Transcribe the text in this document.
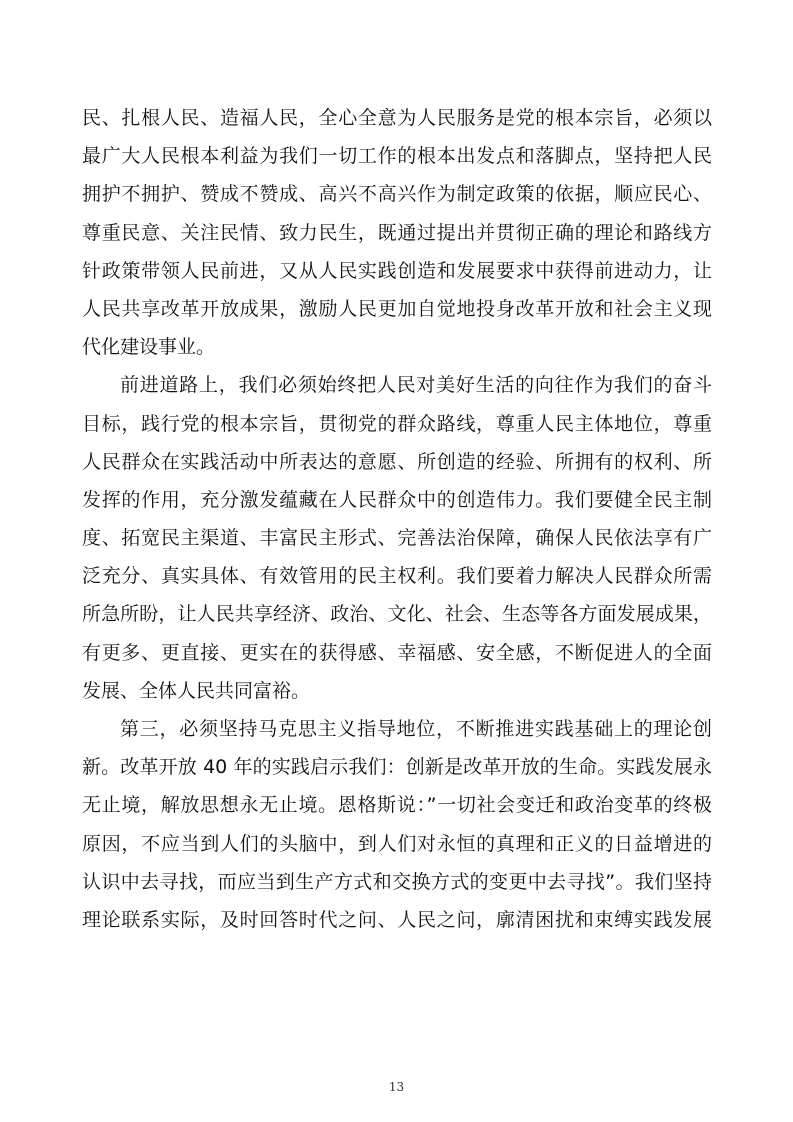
民、扎根人民、造福人民，全心全意为人民服务是党的根本宗旨，必须以
最广大人民根本利益为我们一切工作的根本出发点和落脚点，坚持把人民
拥护不拥护、赞成不赞成、高兴不高兴作为制定政策的依据，顺应民心、
尊重民意、关注民情、致力民生，既通过提出并贯彻正确的理论和路线方
针政策带领人民前进，又从人民实践创造和发展要求中获得前进动力，让
人民共享改革开放成果，激励人民更加自觉地投身改革开放和社会主义现
代化建设事业。
前进道路上，我们必须始终把人民对美好生活的向往作为我们的奋斗
目标，践行党的根本宗旨，贯彻党的群众路线，尊重人民主体地位，尊重
人民群众在实践活动中所表达的意愿、所创造的经验、所拥有的权利、所
发挥的作用，充分激发蕴藏在人民群众中的创造伟力。我们要健全民主制
度、拓宽民主渠道、丰富民主形式、完善法治保障，确保人民依法享有广
泛充分、真实具体、有效管用的民主权利。我们要着力解决人民群众所需
所急所盼，让人民共享经济、政治、文化、社会、生态等各方面发展成果，
有更多、更直接、更实在的获得感、幸福感、安全感，不断促进人的全面
发展、全体人民共同富裕。
第三，必须坚持马克思主义指导地位，不断推进实践基础上的理论创
新。改革开放 40 年的实践启示我们：创新是改革开放的生命。实践发展永
无止境，解放思想永无止境。恩格斯说：”一切社会变迁和政治变革的终极
原因，不应当到人们的头脑中，到人们对永恒的真理和正义的日益增进的
认识中去寻找，而应当到生产方式和交换方式的变更中去寻找”。我们坚持
理论联系实际，及时回答时代之问、人民之问，廓清困扰和束缚实践发展
13
